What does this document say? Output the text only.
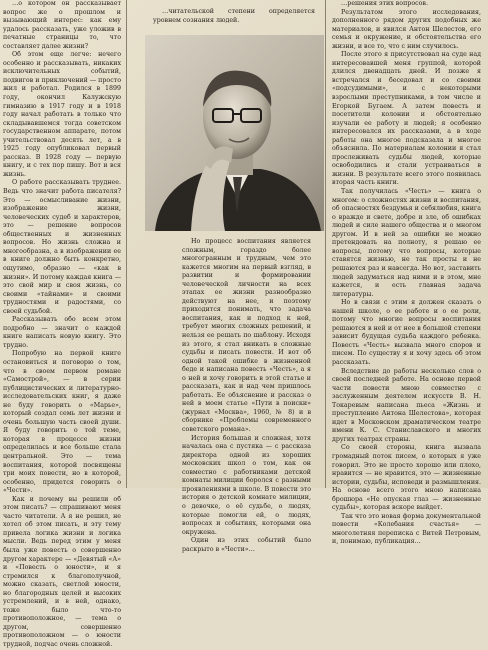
…о котором он рассказывает вопрос же о прошлом и вызывающий интерес: как ему удалось рассказать, уже уложив в печатные страницы то, что составляет далее жизни?

Об этом еще легче: нечего особенно и рассказывать, никаких исключительных событий, подвигов и приключений — просто жил и работал. Родился в 1899 году, окончил Калужскую гимназию в 1917 году и в 1918 году начал работать в только что складывавшемся тогда советском государственном аппарате, потом учительствовал десять лет, а в 1925 году опубликовал первый рассказ. В 1928 году — первую книгу, и с тех пор пишу. Вот и вся жизнь.

О работе рассказывать труднее. Ведь что значит работа писателя? Это — осмысливание жизни, изображение жизни, человеческих судеб и характеров, это — решение вопросов общественных и жизненных вопросов. Но жизнь сложна и многообразна, а в изображении ее в книге должно быть конкретно, ощутимо, образно — «как в жизни». И потому каждая книга — это свой мир и своя жизнь, со своими «тайнами» и своими трудностями и радостями, со своей судьбой.

Рассказывать обо всем этом подробно — значит о каждой книге написать новую книгу. Это трудно.

Попробую на первой книге остановиться и поговорю о том, что в своем первом романе «Самострой», — в серии публицистических и литературно-исследовательских книг, я даже не буду говорить о «Марье», который создал семь лет жизни и очень большую часть своей души. Я буду говорить о той теме, которая в процессе жизни определилась и все больше стала центральной. Это — тема воспитания, которой посвящены три моих повести, но в которой, особенно, придется говорить о «Чести».

Как и почему вы решили об этом писать? — спрашивают меня часто читатели. А я не решил, не хотел об этом писать, и эту тему привела логика жизни и логика мысли. Ведь перед этим у меня была уже повесть о совершенно другом характере — «Девятый «А» и «Повесть о юности», и я стремился к благополучной, можно сказать, светлой юности, но благородных целей и высоких устремлений, и в ней, однако, тоже было что-то противоположное, — тема о другом, совершенно противоположном — о юности трудной, подчас очень сложной.

…читательской степени определяется уровнем сознания людей.

Но процесс воспитания является сложным, гораздо более многогранным и трудным, чем это кажется многим на первый взгляд, в развитии и формировании человеческой личности на всех этапах ее жизни разнообразно действуют на нее, и поэтому приходится понимать, что задача воспитания, как и подход к ней, требует многих сложных решений, и нельзя ее решать по шаблону. Исходя из этого, я стал вникать в сложные судьбы и писать повести. И вот об одной такой ошибке в жизненной беде и написана повесть «Честь», а я о ней и хочу говорить в этой статье и рассказать, как и над чем пришлось работать. Ее объяснение и рассказ о ней в моем статье «Пути в поиски» (журнал «Москва», 1960, № 8) и в сборнике «Проблемы современного советского романа».

История большая и сложная, хотя началась она с пустяка — с рассказа директора одной из хороших московских школ о том, как он совместно с работниками детской комнаты милиции боролся с разными проявлениями в школе. В повести это история о детской комнате милиции, о девочке, о её судьбе, о людях, которые помогли ей, о людях, вопросах и событиях, которыми она окружена.

Один из этих событий было раскрыто в «Чести»…

…решения этих вопросов.

Результатом этого исследования, дополненного рядом других подобных же материалов, и явился Антон Шелестов, его семья и окружение, и обстоятельства его жизни, и все то, что с ним случилось.

После этого я присутствовал на суде над интересовавшей меня группой, которой длился двенадцать дней. И позже я встречался и беседовал и со своими «подсудимыми», и с некоторыми взрослыми преступниками, в том числе и Егоркой Бугаем. А затем повесть и посетители колонии и обстоятельно изучали ее работу и людей; я особенно интересовался их рассказами, а в ходе работы она многое подсказала и многое объяснила. По материалам колонии я стал прослеживать судьбы людей, которые освободились и стали устраиваться в жизни. В результате всего этого появилась вторая часть книги.

Так получилась «Честь» — книга о многом: о сложностях жизни и воспитания, об опасностях бездумья и себялюбия, книга о вражде и свете, добре и зле, об ошибках людей и силе нашего общества и о многом другом. И в ней за ошибки не можно претендовать на полноту, я решаю ее вопросы, потому что вопросы, которые ставятся жизнью, не так просты и не решаются раз и навсегда. Но вот, заставить людей задуматься над ними и в этом, мне кажется, и есть главная задача литературы.

Но в связи с этим я должен сказать о нашей школе, о ее работе и о ее роли, потому что многие вопросы воспитания решаются в ней и от нее в большой степени зависит будущая судьба каждого ребенка. Повесть «Честь» вызвала много споров и писем. По существу я и хочу здесь об этом рассказать.

Вследствие до работы несколько слов о своей последней работе. На основе первой части повести мною совместно с заслуженным деятелем искусств В. Н. Токаревым написана пьеса «Жизнь и преступление Антона Шелестова», которая идет в Московском драматическом театре имени К. С. Станиславского и многих других театрах страны.

Со своей стороны, книга вызвала громадный поток писем, о которых я уже говорил. Это не просто хорошо или плохо, нравится — не нравится, это — жизненные истории, судьбы, исповеди и размышления. На основе всего этого мною написана брошюра «Не опуская глаз — жизненные судьбы», которая вскоре выйдет.

Так что это новая форма документальной повести «Колебания счастья» — многолетняя переписка с Витей Петровым, и, понимаю, публикация…
